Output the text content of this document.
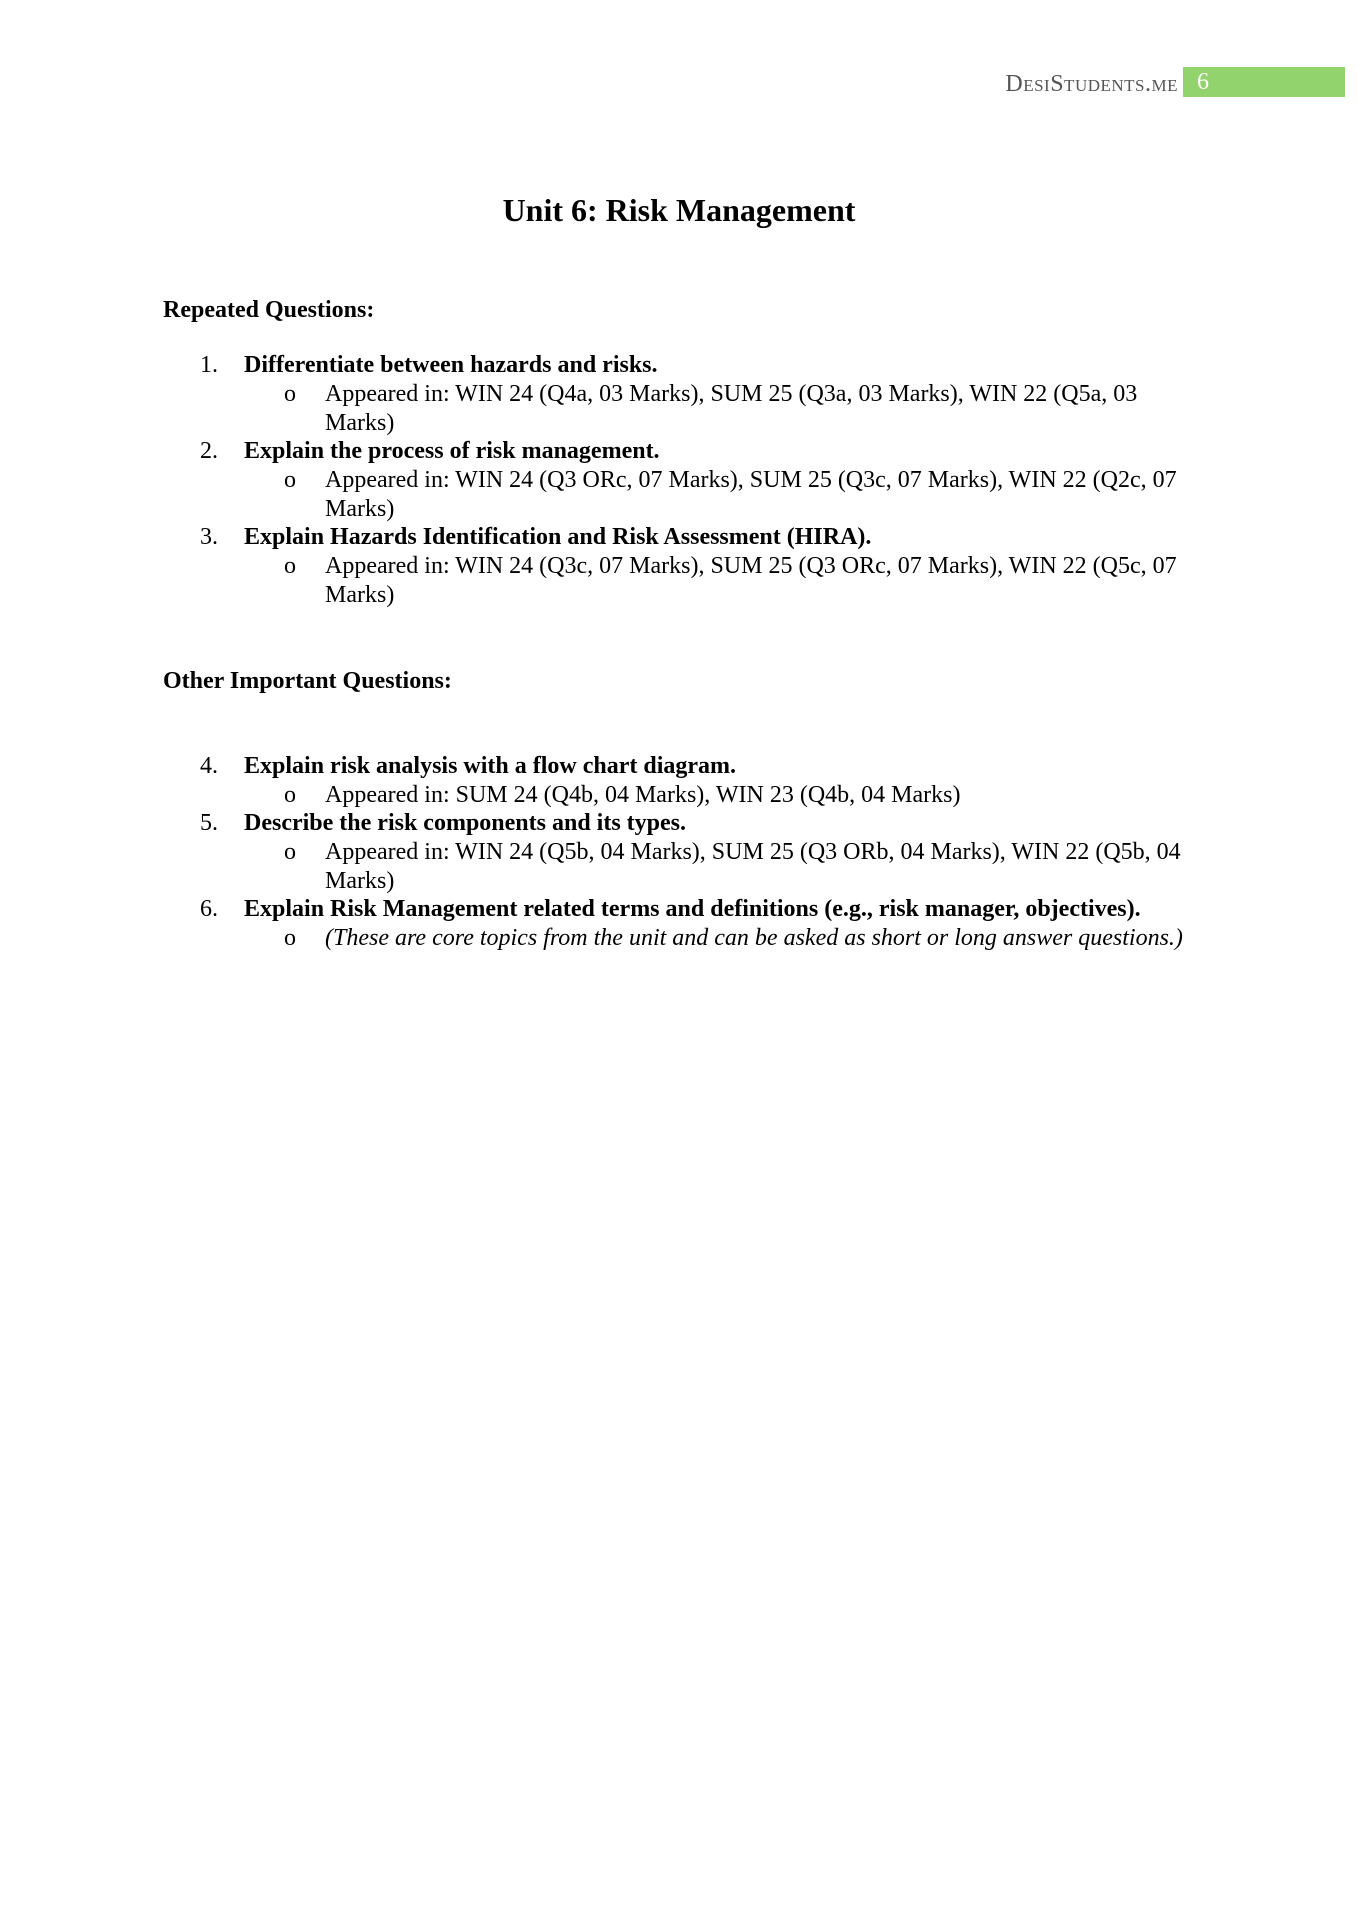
DesiStudents.me 6
Unit 6: Risk Management
Repeated Questions:
1.	Differentiate between hazards and risks.
o	Appeared in: WIN 24 (Q4a, 03 Marks), SUM 25 (Q3a, 03 Marks), WIN 22 (Q5a, 03 Marks)
2.	Explain the process of risk management.
o	Appeared in: WIN 24 (Q3 ORc, 07 Marks), SUM 25 (Q3c, 07 Marks), WIN 22 (Q2c, 07 Marks)
3.	Explain Hazards Identification and Risk Assessment (HIRA).
o	Appeared in: WIN 24 (Q3c, 07 Marks), SUM 25 (Q3 ORc, 07 Marks), WIN 22 (Q5c, 07 Marks)
Other Important Questions:
4.	Explain risk analysis with a flow chart diagram.
o	Appeared in: SUM 24 (Q4b, 04 Marks), WIN 23 (Q4b, 04 Marks)
5.	Describe the risk components and its types.
o	Appeared in: WIN 24 (Q5b, 04 Marks), SUM 25 (Q3 ORb, 04 Marks), WIN 22 (Q5b, 04 Marks)
6.	Explain Risk Management related terms and definitions (e.g., risk manager, objectives).
o	(These are core topics from the unit and can be asked as short or long answer questions.)
